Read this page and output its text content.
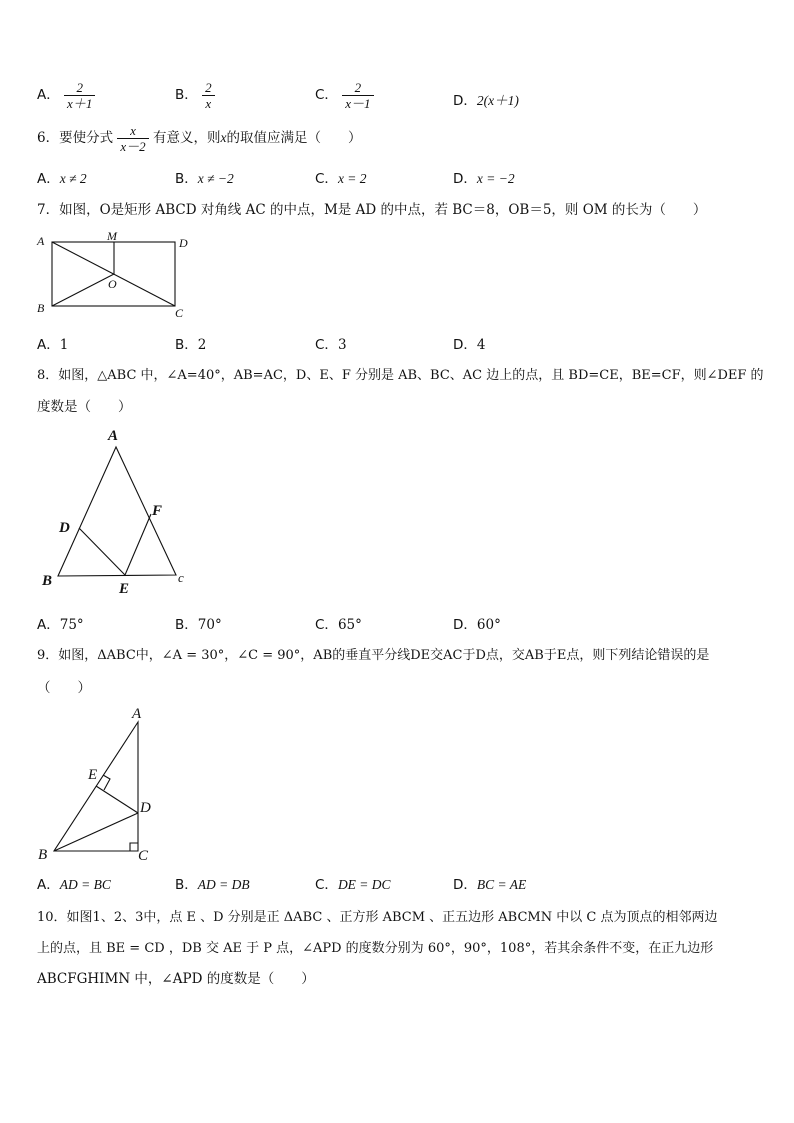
A． $\frac{2}{x+1}$	B． $\frac{2}{x}$	C． $\frac{2}{x-1}$	D．2(x＋1)
6．要使分式 $\frac{x}{x-2}$ 有意义，则x的取值应满足（　　）
A．x ≠ 2	B．x ≠ −2	C．x = 2	D．x = −2
7．如图，O是矩形 ABCD 对角线 AC 的中点，M是 AD 的中点，若 BC＝8，OB＝5，则 OM 的长为（　　）
A	M	D
O
B	C
A．1	B．2	C．3	D．4
8．如图，△ABC 中，∠A=40°，AB=AC，D、E、F 分别是 AB、BC、AC 边上的点，且 BD=CE，BE=CF，则∠DEF 的
度数是（　　）
A
D
F
B	E
c
A．75°	B．70°	C．65°	D．60°
9．如图，ΔABC中，∠A = 30°，∠C = 90°，AB的垂直平分线DE交AC于D点，交AB于E点，则下列结论错误的是
（　　）
A
E
D
B	C
A．AD = BC	B．AD = DB	C．DE = DC	D．BC = AE
10．如图1、2、3中，点 E 、D 分别是正 ΔABC 、正方形 ABCM 、正五边形 ABCMN 中以 C 点为顶点的相邻两边
上的点，且 BE = CD ，DB 交 AE 于 P 点，∠APD 的度数分别为 60°，90°，108°，若其余条件不变，在正九边形
ABCFGHIMN 中，∠APD 的度数是（　　）
